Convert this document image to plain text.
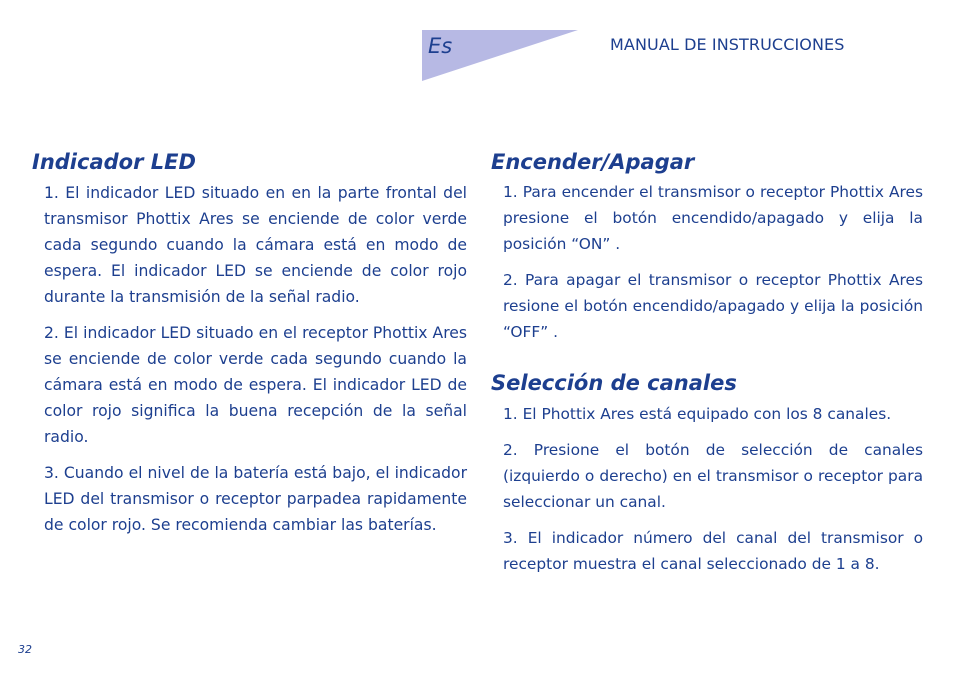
Es	MANUAL DE INSTRUCCIONES
Indicador LED

1. El indicador LED situado en en la parte frontal del transmisor Phottix Ares se enciende de color verde cada segundo cuando la cámara está en modo de espera. El indicador LED se enciende de color rojo durante la transmisión de la señal radio.

2. El indicador LED situado en el receptor Phottix Ares se enciende de color verde cada segundo cuando la cámara está en modo de espera. El indicador LED de color rojo significa la buena recepción de la señal radio.

3. Cuando el nivel de la batería está bajo, el indicador LED del transmisor o receptor parpadea rapidamente de color rojo. Se recomienda cambiar las baterías.

Encender/Apagar

1. Para encender el transmisor o receptor Phottix Ares presione el botón encendido/apagado y elija la posición “ON” .

2. Para apagar el transmisor o receptor Phottix Ares resione el botón encendido/apagado y elija la posición “OFF” .

Selección de canales

1. El Phottix Ares está equipado con los 8 canales.

2. Presione el botón de selección de canales (izquierdo o derecho) en el transmisor o receptor para seleccionar un canal.

3. El indicador número del canal del transmisor o receptor muestra el canal seleccionado de 1 a 8.

32
